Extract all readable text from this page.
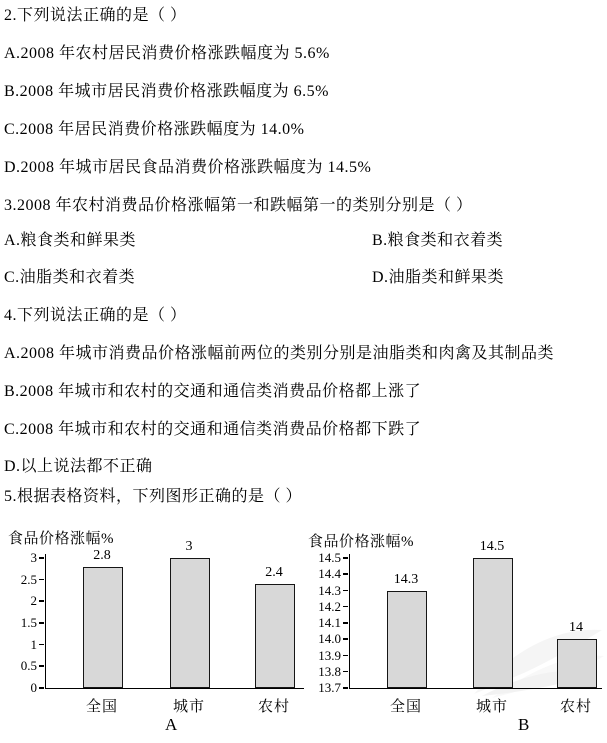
2.下列说法正确的是（ ）
A.2008 年农村居民消费价格涨跌幅度为 5.6%
B.2008 年城市居民消费价格涨跌幅度为 6.5%
C.2008 年居民消费价格涨跌幅度为 14.0%
D.2008 年城市居民食品消费价格涨跌幅度为 14.5%
3.2008 年农村消费品价格涨幅第一和跌幅第一的类别分别是（ ）
A.粮食类和鲜果类	B.粮食类和衣着类
C.油脂类和衣着类	D.油脂类和鲜果类
4.下列说法正确的是（ ）
A.2008 年城市消费品价格涨幅前两位的类别分别是油脂类和肉禽及其制品类
B.2008 年城市和农村的交通和通信类消费品价格都上涨了
C.2008 年城市和农村的交通和通信类消费品价格都下跌了
D.以上说法都不正确
5.根据表格资料，下列图形正确的是（ ）
食品价格涨幅%
3
2.5
2
1.5
1
0.5
0
2.8
全国
3
城市
2.4
农村
A
食品价格涨幅%
14.5
14.4
14.3
14.2
14.1
14.0
13.9
13.8
13.7
14.3
全国
14.5
城市
14
农村
B
